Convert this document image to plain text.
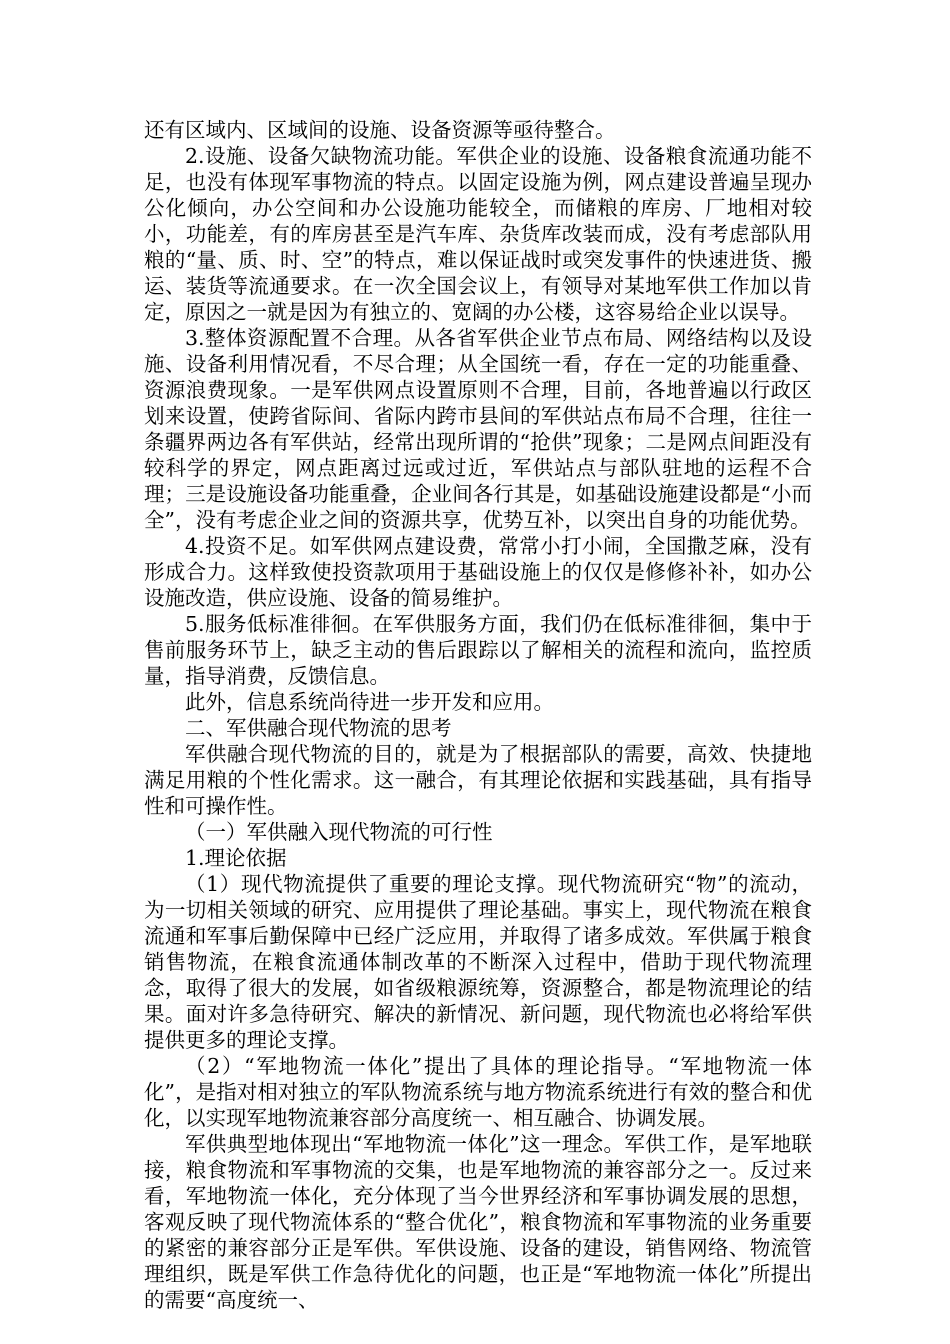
还有区域内、区域间的设施、设备资源等亟待整合。

2.设施、设备欠缺物流功能。军供企业的设施、设备粮食流通功能不足，也没有体现军事物流的特点。以固定设施为例，网点建设普遍呈现办公化倾向，办公空间和办公设施功能较全，而储粮的库房、厂地相对较小，功能差，有的库房甚至是汽车库、杂货库改装而成，没有考虑部队用粮的“量、质、时、空”的特点，难以保证战时或突发事件的快速进货、搬运、装货等流通要求。在一次全国会议上，有领导对某地军供工作加以肯定，原因之一就是因为有独立的、宽阔的办公楼，这容易给企业以误导。

3.整体资源配置不合理。从各省军供企业节点布局、网络结构以及设施、设备利用情况看，不尽合理；从全国统一看，存在一定的功能重叠、资源浪费现象。一是军供网点设置原则不合理，目前，各地普遍以行政区划来设置，使跨省际间、省际内跨市县间的军供站点布局不合理，往往一条疆界两边各有军供站，经常出现所谓的“抢供”现象；二是网点间距没有较科学的界定，网点距离过远或过近，军供站点与部队驻地的运程不合理；三是设施设备功能重叠，企业间各行其是，如基础设施建设都是“小而全”，没有考虑企业之间的资源共享，优势互补，以突出自身的功能优势。

4.投资不足。如军供网点建设费，常常小打小闹，全国撒芝麻，没有形成合力。这样致使投资款项用于基础设施上的仅仅是修修补补，如办公设施改造，供应设施、设备的简易维护。

5.服务低标准徘徊。在军供服务方面，我们仍在低标准徘徊，集中于售前服务环节上，缺乏主动的售后跟踪以了解相关的流程和流向，监控质量，指导消费，反馈信息。

此外，信息系统尚待进一步开发和应用。

二、军供融合现代物流的思考

军供融合现代物流的目的，就是为了根据部队的需要，高效、快捷地满足用粮的个性化需求。这一融合，有其理论依据和实践基础，具有指导性和可操作性。

（一）军供融入现代物流的可行性

1.理论依据

（1）现代物流提供了重要的理论支撑。现代物流研究“物”的流动，为一切相关领域的研究、应用提供了理论基础。事实上，现代物流在粮食流通和军事后勤保障中已经广泛应用，并取得了诸多成效。军供属于粮食销售物流，在粮食流通体制改革的不断深入过程中，借助于现代物流理念，取得了很大的发展，如省级粮源统筹，资源整合，都是物流理论的结果。面对许多急待研究、解决的新情况、新问题，现代物流也必将给军供提供更多的理论支撑。

（2）“军地物流一体化”提出了具体的理论指导。“军地物流一体化”，是指对相对独立的军队物流系统与地方物流系统进行有效的整合和优化，以实现军地物流兼容部分高度统一、相互融合、协调发展。

军供典型地体现出“军地物流一体化”这一理念。军供工作，是军地联接，粮食物流和军事物流的交集，也是军地物流的兼容部分之一。反过来看，军地物流一体化，充分体现了当今世界经济和军事协调发展的思想，客观反映了现代物流体系的“整合优化”，粮食物流和军事物流的业务重要的紧密的兼容部分正是军供。军供设施、设备的建设，销售网络、物流管理组织，既是军供工作急待优化的问题，也正是“军地物流一体化”所提出的需要“高度统一、
